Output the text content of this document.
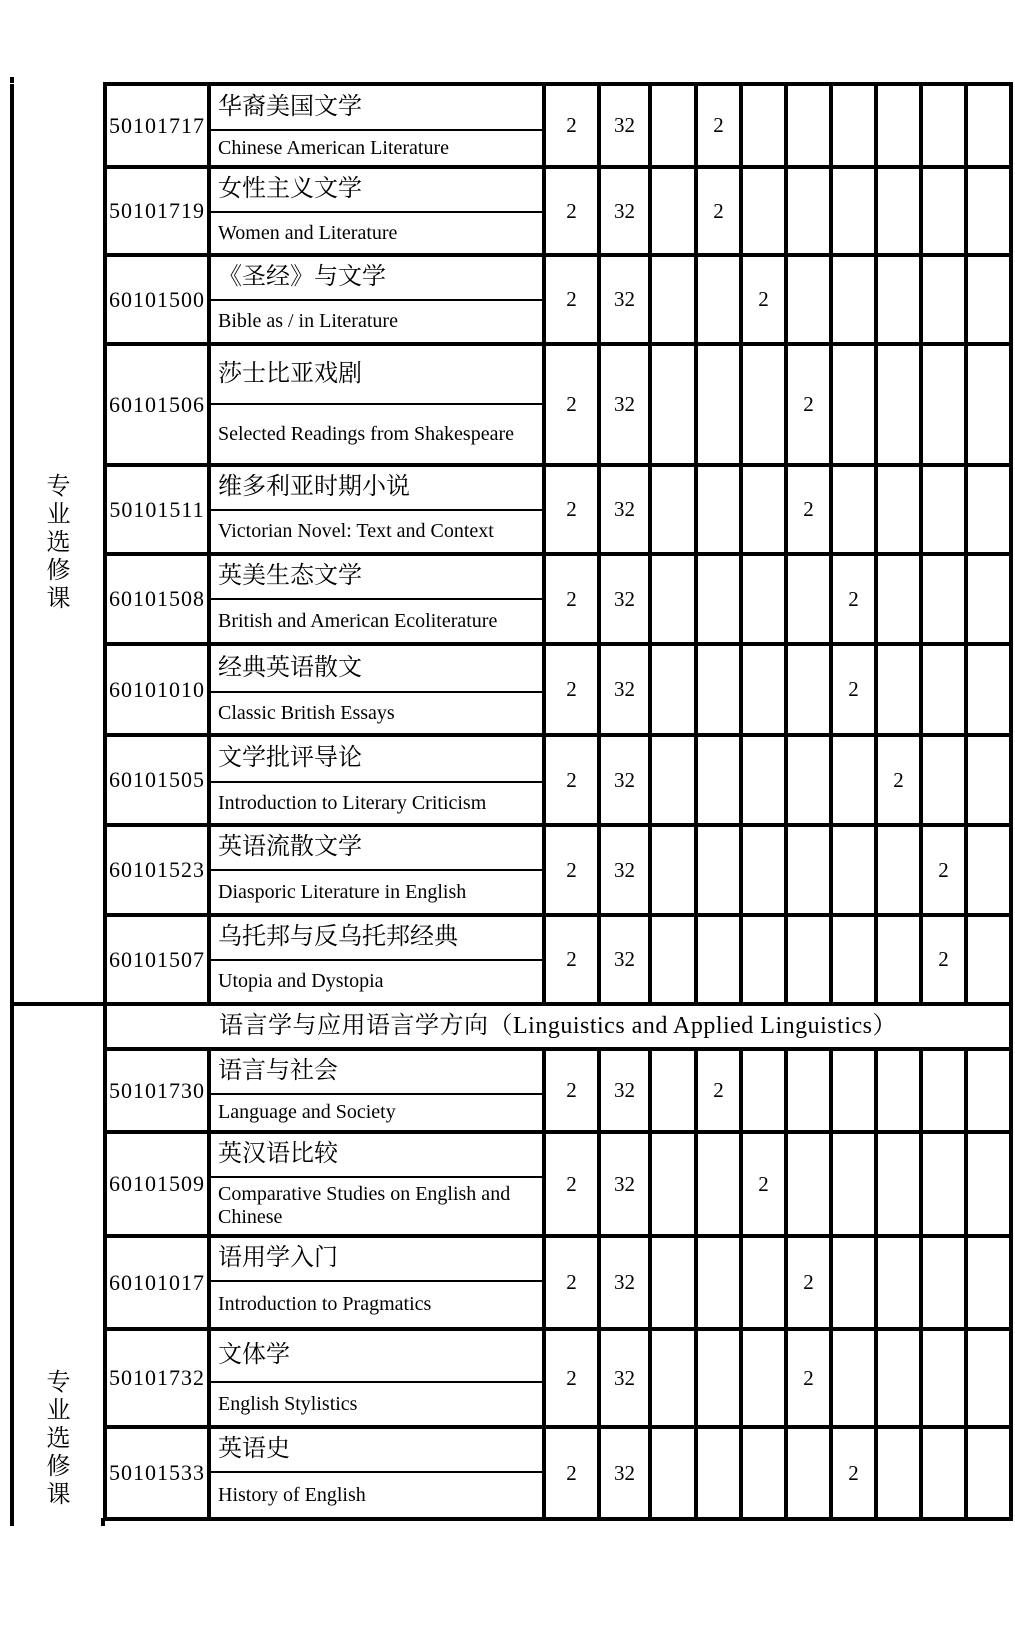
专
业
选
修
课	50101717	华裔美国文学	2	32		2						
		Chinese American Literature										
	50101719	女性主义文学	2	32		2						
		Women and Literature										
	60101500	《圣经》与文学	2	32			2					
		Bible as / in Literature										
	60101506	莎士比亚戏剧	2	32				2				
		Selected Readings from Shakespeare										
	50101511	维多利亚时期小说	2	32				2				
		Victorian Novel: Text and Context										
	60101508	英美生态文学	2	32					2			
		British and American Ecoliterature										
	60101010	经典英语散文	2	32					2			
		Classic British Essays										
	60101505	文学批评导论	2	32						2		
		Introduction to Literary Criticism										
	60101523	英语流散文学	2	32							2	
		Diasporic Literature in English										
	60101507	乌托邦与反乌托邦经典	2	32							2	
		Utopia and Dystopia										

专
业
选
修
课	语言学与应用语言学方向（Linguistics and Applied Linguistics）											
	50101730	语言与社会	2	32		2						
		Language and Society										
	60101509	英汉语比较	2	32			2					
		Comparative Studies on English and Chinese										
	60101017	语用学入门	2	32				2				
		Introduction to Pragmatics										
	50101732	文体学	2	32				2				
		English Stylistics										
	50101533	英语史	2	32					2			
		History of English										
